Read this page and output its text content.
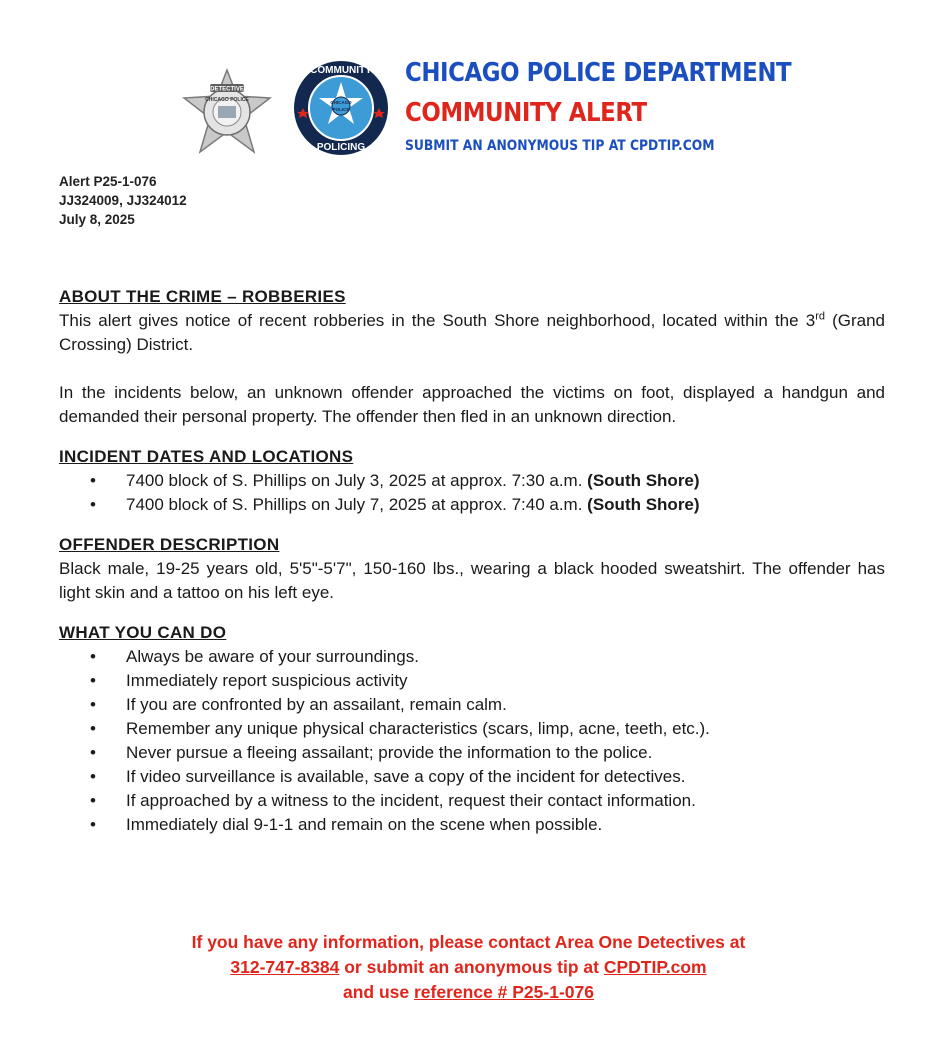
DETECTIVE
CHICAGO POLICE
COMMUNITY
POLICING
CHICAGO
POLICE
CHICAGO POLICE DEPARTMENT
COMMUNITY ALERT
SUBMIT AN ANONYMOUS TIP AT CPDTIP.COM
Alert P25-1-076
JJ324009, JJ324012
July 8, 2025
ABOUT THE CRIME – ROBBERIES

This alert gives notice of recent robberies in the South Shore neighborhood, located within the 3rd (Grand Crossing) District.

In the incidents below, an unknown offender approached the victims on foot, displayed a handgun and demanded their personal property. The offender then fled in an unknown direction.

INCIDENT DATES AND LOCATIONS
• 7400 block of S. Phillips on July 3, 2025 at approx. 7:30 a.m. (South Shore)
• 7400 block of S. Phillips on July 7, 2025 at approx. 7:40 a.m. (South Shore)
OFFENDER DESCRIPTION

Black male, 19-25 years old, 5'5"-5'7", 150-160 lbs., wearing a black hooded sweatshirt. The offender has light skin and a tattoo on his left eye.

WHAT YOU CAN DO
• Always be aware of your surroundings.
• Immediately report suspicious activity
• If you are confronted by an assailant, remain calm.
• Remember any unique physical characteristics (scars, limp, acne, teeth, etc.).
• Never pursue a fleeing assailant; provide the information to the police.
• If video surveillance is available, save a copy of the incident for detectives.
• If approached by a witness to the incident, request their contact information.
• Immediately dial 9-1-1 and remain on the scene when possible.
If you have any information, please contact Area One Detectives at
312-747-8384 or submit an anonymous tip at CPDTIP.com
and use reference # P25-1-076
